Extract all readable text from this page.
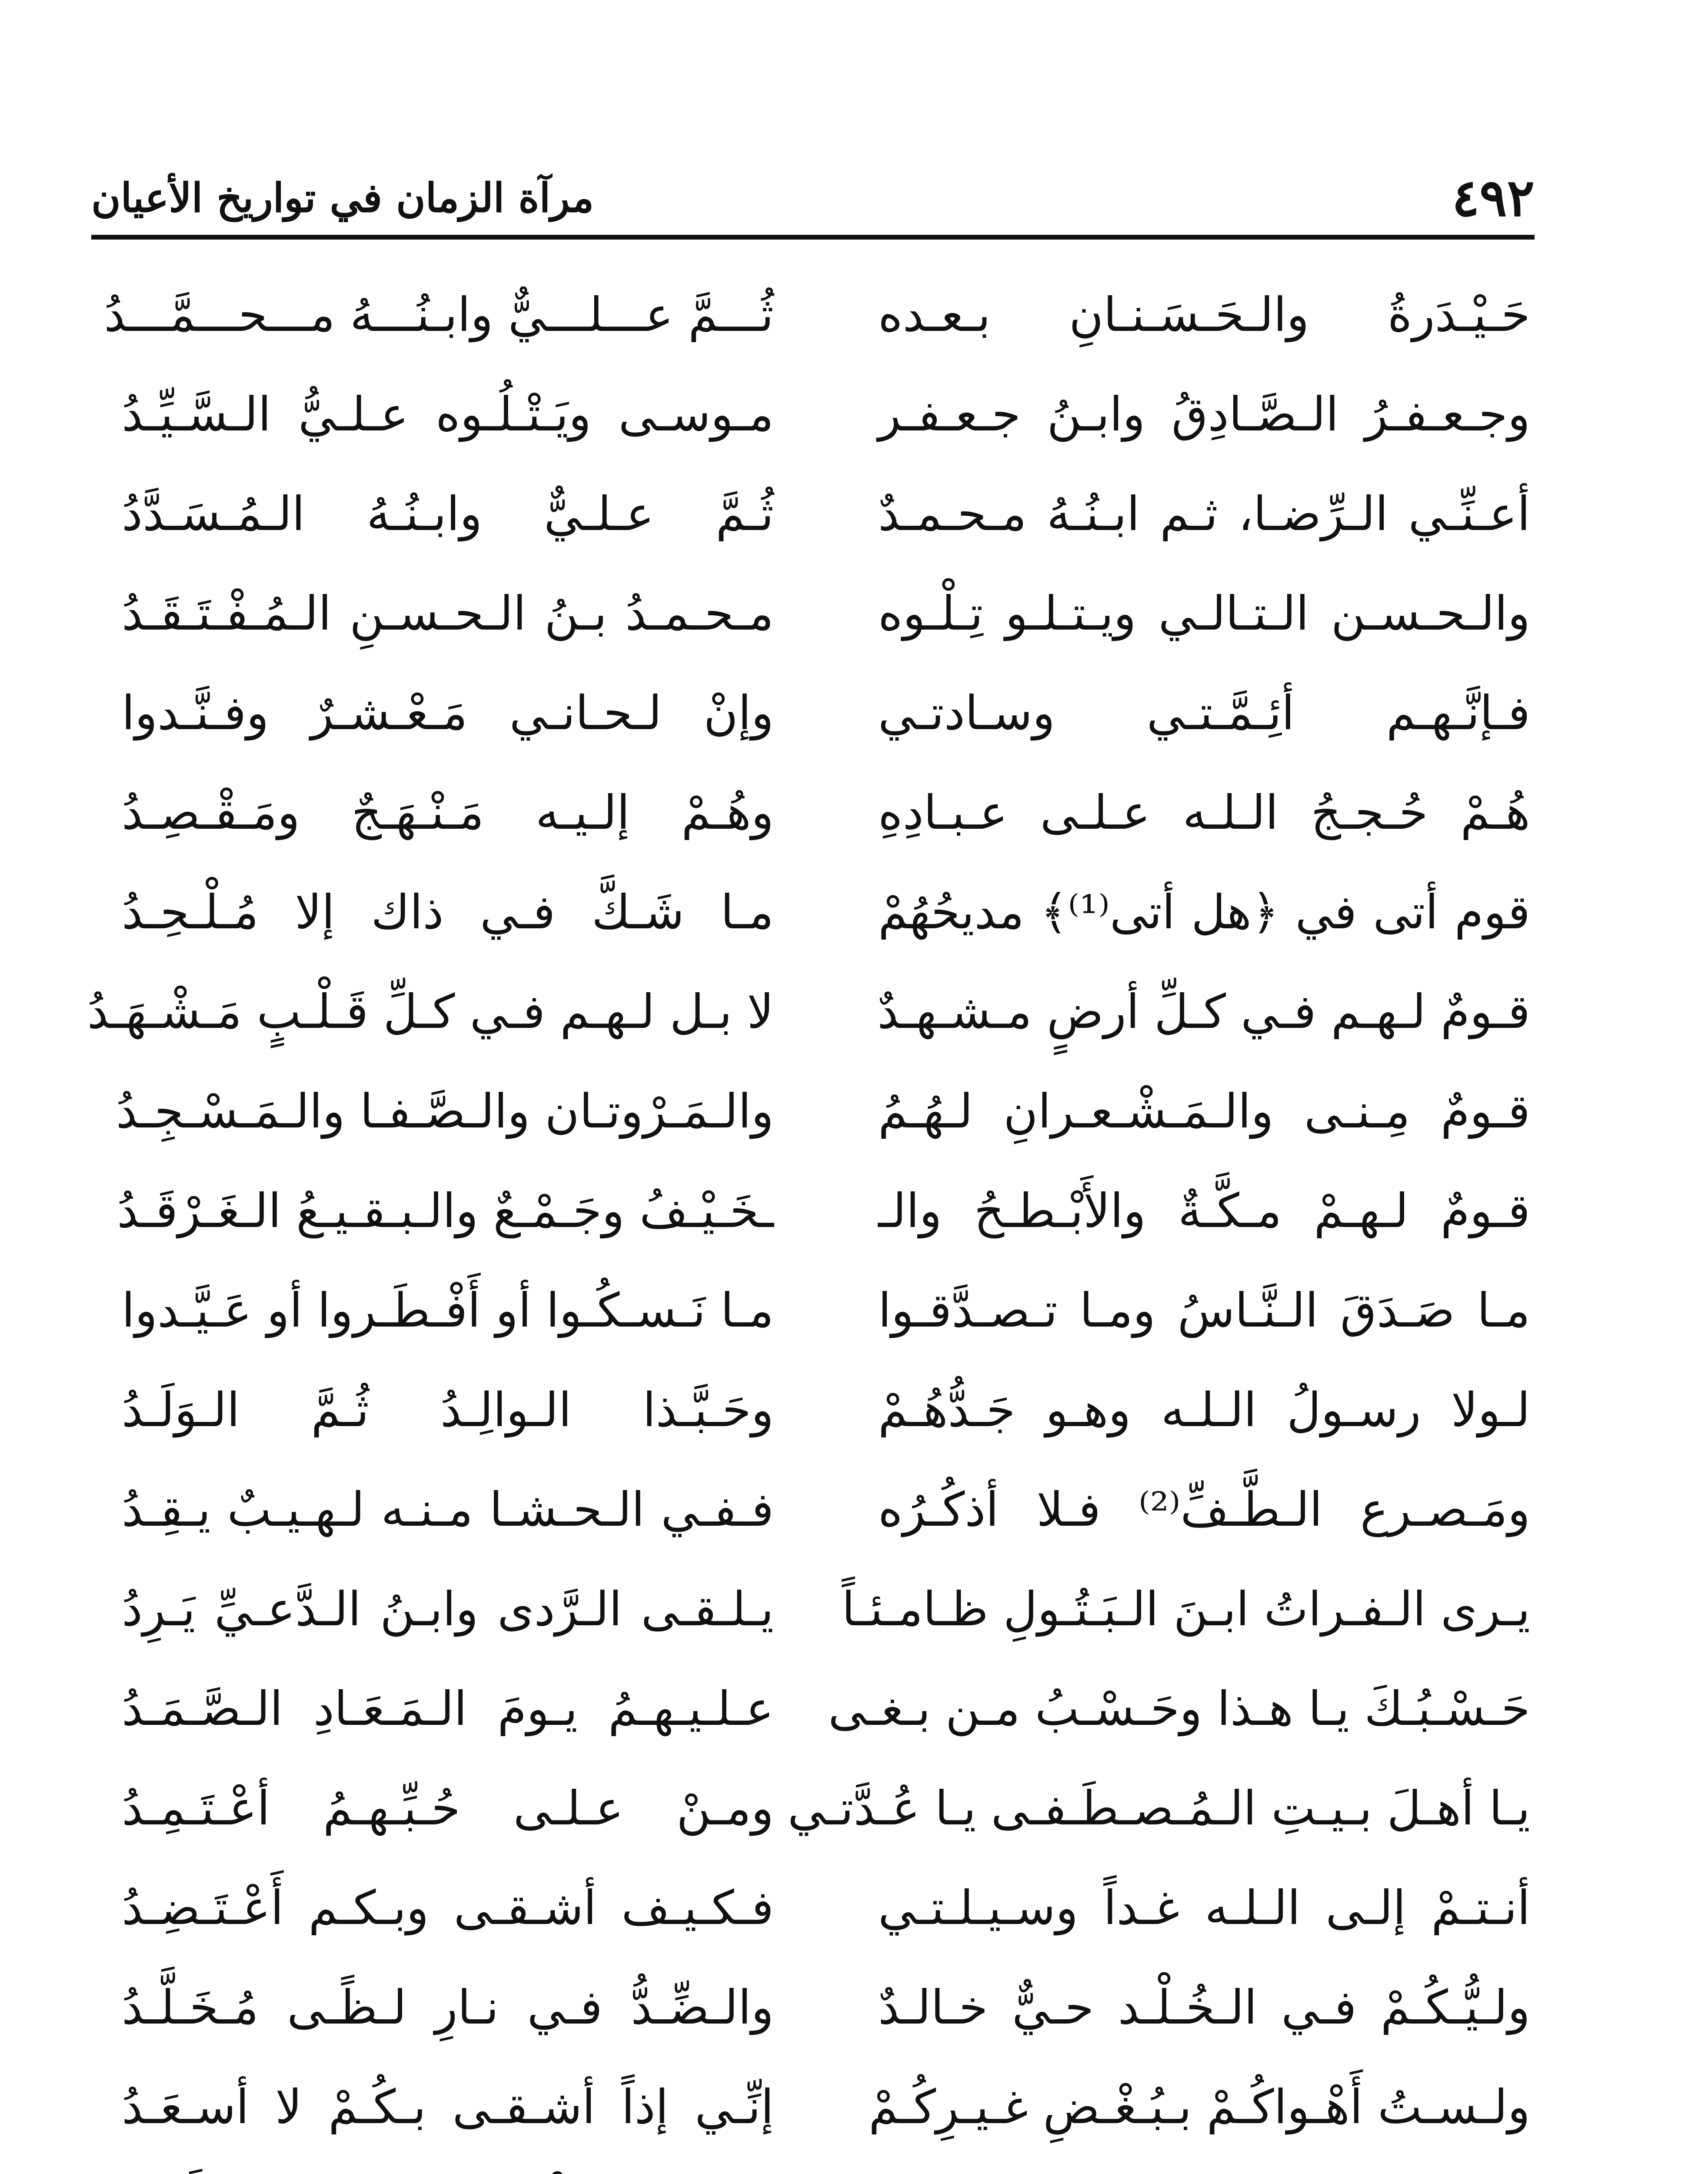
٤٩٢
مرآة الزمان في تواريخ الأعيان
حَـيْـدَرةُ والـحَـسَـنـانِ بـعـده
ثُـــمَّ عـــلـــيٌّ وابـنُـــهُ مـــحـــمَّـــدُ
وجـعـفـرُ الـصَّـادِقُ وابـنُ جـعـفـر
مـوسـى ويَـتْـلُـوه عـلـيُّ الـسَّـيِّـدُ
أعـنِّـي الـرِّضـا، ثـم ابـنُـهُ مـحـمـدٌ
ثُـمَّ عـلـيٌّ وابـنُـهُ الـمُـسَـدَّدُ
والـحـسـن الـتـالـي ويـتـلـو تِـلْـوه
مـحـمـدُ بـنُ الـحـسـنِ الـمُـفْـتَـقَـدُ
فـإنَّـهـم أئِـمَّـتـي وسـادتـي
وإنْ لـحـانـي مَـعْـشـرٌ وفـنَّـدوا
هُـمْ حُـجـجُ الـلـه عـلـى عـبـادِهِ
وهُـمْ إلـيـه مَـنْـهَـجٌ ومَـقْـصِـدُ
قوم أتى في ﴿هل أتى⁽¹⁾﴾ مديحُهُمْ
مـا شَـكَّ فـي ذاك إلا مُـلْـحِـدُ
قـومٌ لـهـم فـي كـلِّ أرضٍ مـشـهـدٌ
لا بـل لـهـم فـي كـلِّ قَـلْـبٍ مَـشْـهَـدُ
قـومٌ مِـنـى والـمَـشْـعـرانِ لـهُـمُ
والـمَـرْوتـان والـصَّـفـا والـمَـسْـجِـدُ
قـومٌ لـهـمْ مـكَّـةٌ والأَبْـطـحُ والـ
ـخَـيْـفُ وجَـمْـعٌ والـبـقـيـعُ الـغَـرْقَـدُ
مـا صَـدَقَ الـنَّـاسُ ومـا تـصـدَّقـوا
مـا نَـسـكُـوا أو أَفْـطَـروا أو عَـيَّـدوا
لـولا رسـولُ الـلـه وهـو جَـدُّهُـمْ
وحَـبَّـذا الـوالِـدُ ثُـمَّ الـوَلَـدُ
ومَـصـرع الـطَّـفِّ⁽²⁾ فـلا أذكُـرُه
فـفـي الـحـشـا مـنـه لـهـيـبٌ يـقِـدُ
يـرى الـفـراتُ ابـنَ الـبَـتُـولِ ظـامـئـاً
يـلـقـى الـرَّدى وابـنُ الـدَّعـيِّ يَـرِدُ
حَـسْـبُـكَ يـا هـذا وحَـسْـبُ مـن بـغـى
عـلـيـهـمُ يـومَ الـمَـعَـادِ الـصَّـمَـدُ
يـا أهـلَ بـيـتِ الـمُـصـطَـفـى يـا عُـدَّتـي
ومـنْ عـلـى حُـبِّـهـمُ أعْـتَـمِـدُ
أنـتـمْ إلـى الـلـه غـداً وسـيـلـتـي
فـكـيـف أشـقـى وبـكـم أَعْـتَـضِـدُ
ولـيُّـكُـمْ فـي الـخُـلْـد حـيٌّ خـالـدٌ
والـضِّـدُّ فـي نـارِ لـظًـى مُـخَـلَّـدُ
ولـسـتُ أَهْـواكُـمْ بـبُـغْـضِ غـيـرِكُـمْ
إنِّـي إذاً أشـقـى بـكُـمْ لا أسـعَـدُ
